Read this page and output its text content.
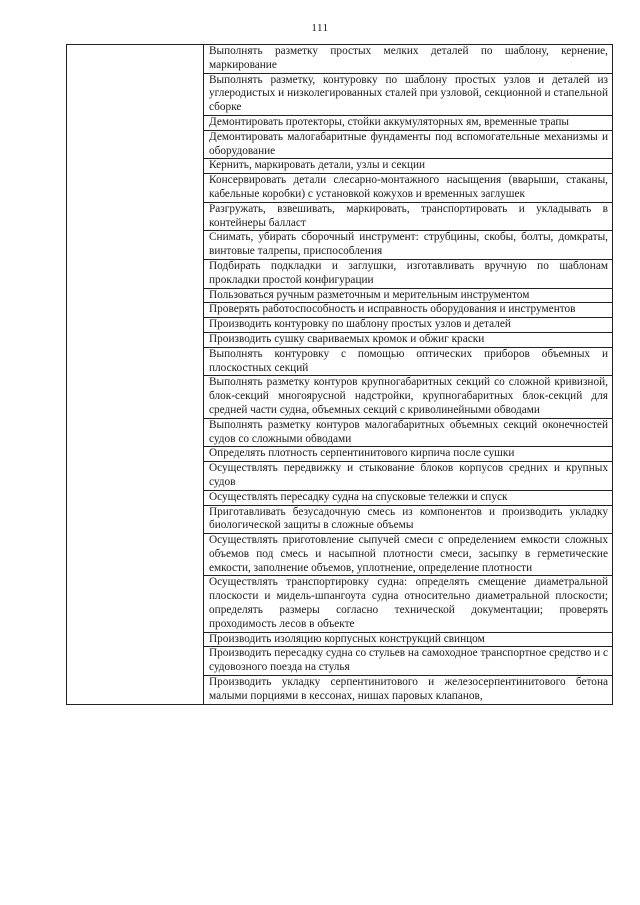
111
	Выполнять разметку простых мелких деталей по шаблону, кернение, маркирование
Выполнять разметку, контуровку по шаблону простых узлов и деталей из углеродистых и низколегированных сталей при узловой, секционной и стапельной сборке
Демонтировать протекторы, стойки аккумуляторных ям, временные трапы
Демонтировать малогабаритные фундаменты под вспомогательные механизмы и оборудование
Кернить, маркировать детали, узлы и секции
Консервировать детали слесарно-монтажного насыщения (вварыши, стаканы, кабельные коробки) с установкой кожухов и временных заглушек
Разгружать, взвешивать, маркировать, транспортировать и укладывать в контейнеры балласт
Снимать, убирать сборочный инструмент: струбцины, скобы, болты, домкраты, винтовые талрепы, приспособления
Подбирать подкладки и заглушки, изготавливать вручную по шаблонам прокладки простой конфигурации
Пользоваться ручным разметочным и мерительным инструментом
Проверять работоспособность и исправность оборудования и инструментов
Производить контуровку по шаблону простых узлов и деталей
Производить сушку свариваемых кромок и обжиг краски
Выполнять контуровку с помощью оптических приборов объемных и плоскостных секций
Выполнять разметку контуров крупногабаритных секций со сложной кривизной, блок-секций многоярусной надстройки, крупногабаритных блок-секций для средней части судна, объемных секций с криволинейными обводами
Выполнять разметку контуров малогабаритных объемных секций оконечностей судов со сложными обводами
Определять плотность серпентинитового кирпича после сушки
Осуществлять передвижку и стыкование блоков корпусов средних и крупных судов
Осуществлять пересадку судна на спусковые тележки и спуск
Приготавливать безусадочную смесь из компонентов и производить укладку биологической защиты в сложные объемы
Осуществлять приготовление сыпучей смеси с определением емкости сложных объемов под смесь и насыпной плотности смеси, засыпку в герметические емкости, заполнение объемов, уплотнение, определение плотности
Осуществлять транспортировку судна: определять смещение диаметральной плоскости и мидель-шпангоута судна относительно диаметральной плоскости; определять размеры согласно технической документации; проверять проходимость лесов в объекте
Производить изоляцию корпусных конструкций свинцом
Производить пересадку судна со стульев на самоходное транспортное средство и с судовозного поезда на стулья
Производить укладку серпентинитового и железосерпентинитового бетона малыми порциями в кессонах, нишах паровых клапанов,
